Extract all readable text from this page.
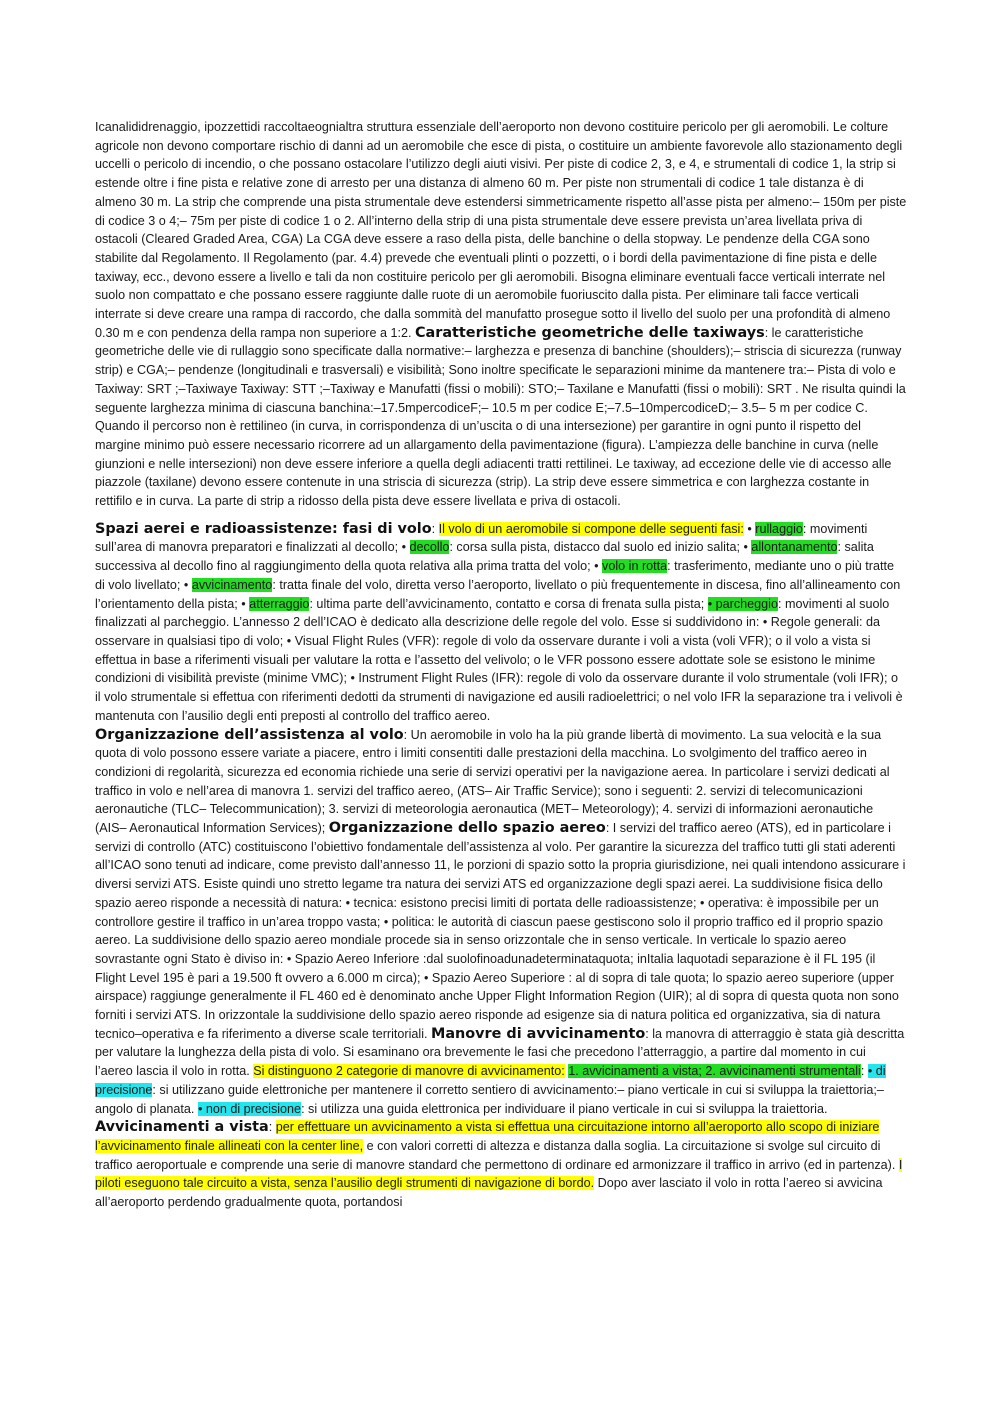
Icanalididrenaggio, ipozzettidi raccoltaeognialtra struttura essenziale dell’aeroporto non devono costituire pericolo per gli aeromobili. Le colture agricole non devono comportare rischio di danni ad un aeromobile che esce di pista, o costituire un ambiente favorevole allo stazionamento degli uccelli o pericolo di incendio, o che possano ostacolare l’utilizzo degli aiuti visivi. Per piste di codice 2, 3, e 4, e strumentali di codice 1, la strip si estende oltre i fine pista e relative zone di arresto per una distanza di almeno 60 m. Per piste non strumentali di codice 1 tale distanza è di almeno 30 m. La strip che comprende una pista strumentale deve estendersi simmetricamente rispetto all’asse pista per almeno:– 150m per piste di codice 3 o 4;– 75m per piste di codice 1 o 2. All’interno della strip di una pista strumentale deve essere prevista un’area livellata priva di ostacoli (Cleared Graded Area, CGA) La CGA deve essere a raso della pista, delle banchine o della stopway. Le pendenze della CGA sono stabilite dal Regolamento. Il Regolamento (par. 4.4) prevede che eventuali plinti o pozzetti, o i bordi della pavimentazione di fine pista e delle taxiway, ecc., devono essere a livello e tali da non costituire pericolo per gli aeromobili. Bisogna eliminare eventuali facce verticali interrate nel suolo non compattato e che possano essere raggiunte dalle ruote di un aeromobile fuoriuscito dalla pista. Per eliminare tali facce verticali interrate si deve creare una rampa di raccordo, che dalla sommità del manufatto prosegue sotto il livello del suolo per una profondità di almeno 0.30 m e con pendenza della rampa non superiore a 1:2. Caratteristiche geometriche delle taxiways: le caratteristiche geometriche delle vie di rullaggio sono specificate dalla normative:– larghezza e presenza di banchine (shoulders);– striscia di sicurezza (runway strip) e CGA;– pendenze (longitudinali e trasversali) e visibilità; Sono inoltre specificate le separazioni minime da mantenere tra:– Pista di volo e Taxiway: SRT ;–Taxiwaye Taxiway: STT ;–Taxiway e Manufatti (fissi o mobili): STO;– Taxilane e Manufatti (fissi o mobili): SRT . Ne risulta quindi la seguente larghezza minima di ciascuna banchina:–17.5mpercodiceF;– 10.5 m per codice E;–7.5–10mpercodiceD;– 3.5– 5 m per codice C. Quando il percorso non è rettilineo (in curva, in corrispondenza di un’uscita o di una intersezione) per garantire in ogni punto il rispetto del margine minimo può essere necessario ricorrere ad un allargamento della pavimentazione (figura). L’ampiezza delle banchine in curva (nelle giunzioni e nelle intersezioni) non deve essere inferiore a quella degli adiacenti tratti rettilinei. Le taxiway, ad eccezione delle vie di accesso alle piazzole (taxilane) devono essere contenute in una striscia di sicurezza (strip). La strip deve essere simmetrica e con larghezza costante in rettifilo e in curva. La parte di strip a ridosso della pista deve essere livellata e priva di ostacoli.

Spazi aerei e radioassistenze: fasi di volo: Il volo di un aeromobile si compone delle seguenti fasi: • rullaggio: movimenti sull’area di manovra preparatori e finalizzati al decollo; • decollo: corsa sulla pista, distacco dal suolo ed inizio salita; • allontanamento: salita successiva al decollo fino al raggiungimento della quota relativa alla prima tratta del volo; • volo in rotta: trasferimento, mediante uno o più tratte di volo livellato; • avvicinamento: tratta finale del volo, diretta verso l’aeroporto, livellato o più frequentemente in discesa, fino all’allineamento con l’orientamento della pista; • atterraggio: ultima parte dell’avvicinamento, contatto e corsa di frenata sulla pista; • parcheggio: movimenti al suolo finalizzati al parcheggio. L’annesso 2 dell’ICAO è dedicato alla descrizione delle regole del volo. Esse si suddividono in: • Regole generali: da osservare in qualsiasi tipo di volo; • Visual Flight Rules (VFR): regole di volo da osservare durante i voli a vista (voli VFR); o il volo a vista si effettua in base a riferimenti visuali per valutare la rotta e l’assetto del velivolo; o le VFR possono essere adottate sole se esistono le minime condizioni di visibilità previste (minime VMC); • Instrument Flight Rules (IFR): regole di volo da osservare durante il volo strumentale (voli IFR); o il volo strumentale si effettua con riferimenti dedotti da strumenti di navigazione ed ausili radioelettrici; o nel volo IFR la separazione tra i velivoli è mantenuta con l’ausilio degli enti preposti al controllo del traffico aereo.
Organizzazione dell’assistenza al volo: Un aeromobile in volo ha la più grande libertà di movimento. La sua velocità e la sua quota di volo possono essere variate a piacere, entro i limiti consentiti dalle prestazioni della macchina. Lo svolgimento del traffico aereo in condizioni di regolarità, sicurezza ed economia richiede una serie di servizi operativi per la navigazione aerea. In particolare i servizi dedicati al traffico in volo e nell’area di manovra 1. servizi del traffico aereo, (ATS– Air Traffic Service); sono i seguenti: 2. servizi di telecomunicazioni aeronautiche (TLC– Telecommunication); 3. servizi di meteorologia aeronautica (MET– Meteorology); 4. servizi di informazioni aeronautiche (AIS– Aeronautical Information Services); Organizzazione dello spazio aereo: I servizi del traffico aereo (ATS), ed in particolare i servizi di controllo (ATC) costituiscono l’obiettivo fondamentale dell’assistenza al volo. Per garantire la sicurezza del traffico tutti gli stati aderenti all’ICAO sono tenuti ad indicare, come previsto dall’annesso 11, le porzioni di spazio sotto la propria giurisdizione, nei quali intendono assicurare i diversi servizi ATS. Esiste quindi uno stretto legame tra natura dei servizi ATS ed organizzazione degli spazi aerei. La suddivisione fisica dello spazio aereo risponde a necessità di natura: • tecnica: esistono precisi limiti di portata delle radioassistenze; • operativa: è impossibile per un controllore gestire il traffico in un’area troppo vasta; • politica: le autorità di ciascun paese gestiscono solo il proprio traffico ed il proprio spazio aereo. La suddivisione dello spazio aereo mondiale procede sia in senso orizzontale che in senso verticale. In verticale lo spazio aereo sovrastante ogni Stato è diviso in: • Spazio Aereo Inferiore :dal suolofinoadunadeterminataquota; inItalia laquotadi separazione è il FL 195 (il Flight Level 195 è pari a 19.500 ft ovvero a 6.000 m circa); • Spazio Aereo Superiore : al di sopra di tale quota; lo spazio aereo superiore (upper airspace) raggiunge generalmente il FL 460 ed è denominato anche Upper Flight Information Region (UIR); al di sopra di questa quota non sono forniti i servizi ATS. In orizzontale la suddivisione dello spazio aereo risponde ad esigenze sia di natura politica ed organizzativa, sia di natura tecnico–operativa e fa riferimento a diverse scale territoriali. Manovre di avvicinamento: la manovra di atterraggio è stata già descritta per valutare la lunghezza della pista di volo. Si esaminano ora brevemente le fasi che precedono l’atterraggio, a partire dal momento in cui l’aereo lascia il volo in rotta. Si distinguono 2 categorie di manovre di avvicinamento: 1. avvicinamenti a vista; 2. avvicinamenti strumentali: • di precisione: si utilizzano guide elettroniche per mantenere il corretto sentiero di avvicinamento:– piano verticale in cui si sviluppa la traiettoria;– angolo di planata. • non di precisione: si utilizza una guida elettronica per individuare il piano verticale in cui si sviluppa la traiettoria. Avvicinamenti a vista: per effettuare un avvicinamento a vista si effettua una circuitazione intorno all’aeroporto allo scopo di iniziare l’avvicinamento finale allineati con la center line, e con valori corretti di altezza e distanza dalla soglia. La circuitazione si svolge sul circuito di traffico aeroportuale e comprende una serie di manovre standard che permettono di ordinare ed armonizzare il traffico in arrivo (ed in partenza). I piloti eseguono tale circuito a vista, senza l’ausilio degli strumenti di navigazione di bordo. Dopo aver lasciato il volo in rotta l’aereo si avvicina all’aeroporto perdendo gradualmente quota, portandosi
